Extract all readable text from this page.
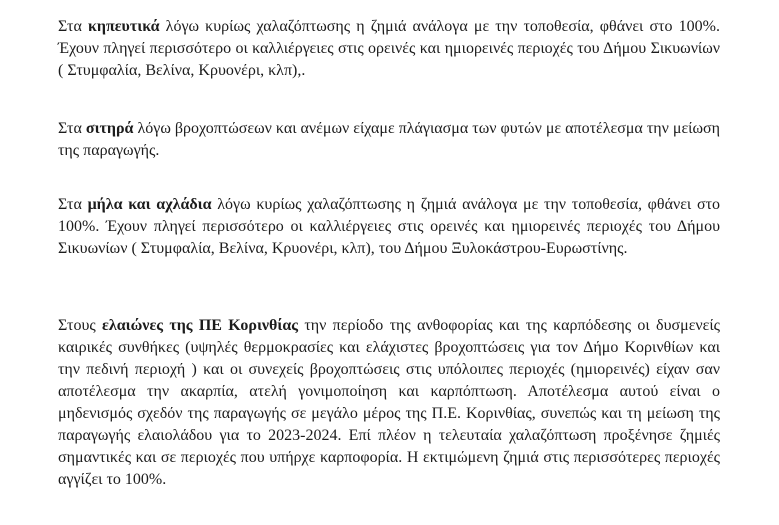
Στα κηπευτικά λόγω κυρίως χαλαζόπτωσης η ζημιά ανάλογα με την τοποθεσία, φθάνει στο 100%. Έχουν πληγεί περισσότερο οι καλλιέργειες στις ορεινές και ημιορεινές περιοχές του Δήμου Σικυωνίων ( Στυμφαλία, Βελίνα, Κρυονέρι, κλπ),.

Στα σιτηρά λόγω βροχοπτώσεων και ανέμων είχαμε πλάγιασμα των φυτών με αποτέλεσμα την μείωση της παραγωγής.

Στα μήλα και αχλάδια λόγω κυρίως χαλαζόπτωσης η ζημιά ανάλογα με την τοποθεσία, φθάνει στο 100%. Έχουν πληγεί περισσότερο οι καλλιέργειες στις ορεινές και ημιορεινές περιοχές του Δήμου Σικυωνίων ( Στυμφαλία, Βελίνα, Κρυονέρι, κλπ), του Δήμου Ξυλοκάστρου-Ευρωστίνης.

Στους ελαιώνες της ΠΕ Κορινθίας την περίοδο της ανθοφορίας και της καρπόδεσης οι δυσμενείς καιρικές συνθήκες (υψηλές θερμοκρασίες και ελάχιστες βροχοπτώσεις για τον Δήμο Κορινθίων και την πεδινή περιοχή ) και οι συνεχείς βροχοπτώσεις στις υπόλοιπες περιοχές (ημιορεινές) είχαν σαν αποτέλεσμα την ακαρπία, ατελή γονιμοποίηση και καρπόπτωση. Αποτέλεσμα αυτού είναι ο μηδενισμός σχεδόν της παραγωγής σε μεγάλο μέρος της Π.Ε. Κορινθίας, συνεπώς και τη μείωση της παραγωγής ελαιολάδου για το 2023-2024. Επί πλέον η τελευταία χαλαζόπτωση προξένησε ζημιές σημαντικές και σε περιοχές που υπήρχε καρποφορία. Η εκτιμώμενη ζημιά στις περισσότερες περιοχές αγγίζει το 100%.
